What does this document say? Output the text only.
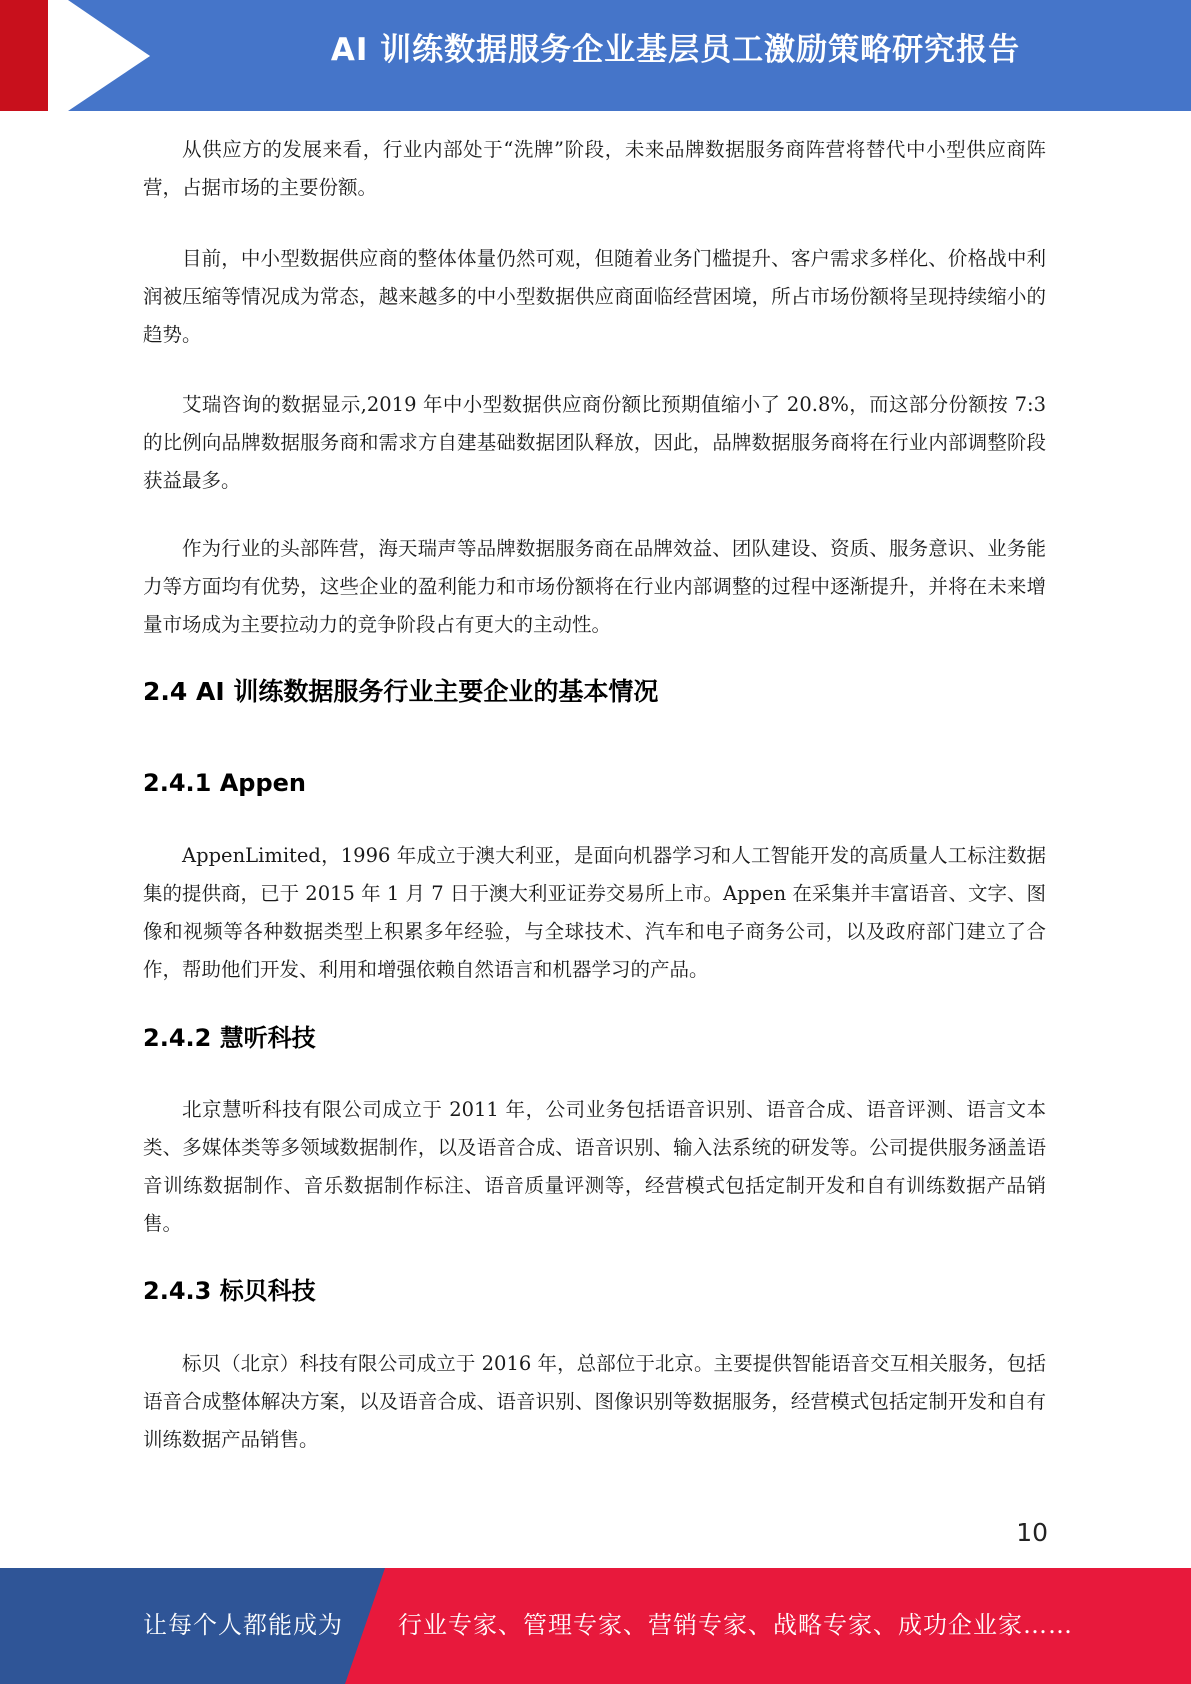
AI 训练数据服务企业基层员工激励策略研究报告

从供应方的发展来看，行业内部处于“洗牌”阶段，未来品牌数据服务商阵营将替代中小型供应商阵营，占据市场的主要份额。

目前，中小型数据供应商的整体体量仍然可观，但随着业务门槛提升、客户需求多样化、价格战中利润被压缩等情况成为常态，越来越多的中小型数据供应商面临经营困境，所占市场份额将呈现持续缩小的趋势。

艾瑞咨询的数据显示,2019 年中小型数据供应商份额比预期值缩小了 20.8%，而这部分份额按 7:3 的比例向品牌数据服务商和需求方自建基础数据团队释放，因此，品牌数据服务商将在行业内部调整阶段获益最多。

作为行业的头部阵营，海天瑞声等品牌数据服务商在品牌效益、团队建设、资质、服务意识、业务能力等方面均有优势，这些企业的盈利能力和市场份额将在行业内部调整的过程中逐渐提升，并将在未来增量市场成为主要拉动力的竞争阶段占有更大的主动性。

2.4 AI 训练数据服务行业主要企业的基本情况
2.4.1 Appen

AppenLimited，1996 年成立于澳大利亚，是面向机器学习和人工智能开发的高质量人工标注数据集的提供商，已于 2015 年 1 月 7 日于澳大利亚证券交易所上市。Appen 在采集并丰富语音、文字、图像和视频等各种数据类型上积累多年经验，与全球技术、汽车和电子商务公司，以及政府部门建立了合作，帮助他们开发、利用和增强依赖自然语言和机器学习的产品。

2.4.2 慧听科技

北京慧听科技有限公司成立于 2011 年，公司业务包括语音识别、语音合成、语音评测、语言文本类、多媒体类等多领域数据制作，以及语音合成、语音识别、输入法系统的研发等。公司提供服务涵盖语音训练数据制作、音乐数据制作标注、语音质量评测等，经营模式包括定制开发和自有训练数据产品销售。

2.4.3 标贝科技

标贝（北京）科技有限公司成立于 2016 年，总部位于北京。主要提供智能语音交互相关服务，包括语音合成整体解决方案，以及语音合成、语音识别、图像识别等数据服务，经营模式包括定制开发和自有训练数据产品销售。

10
让每个人都能成为 行业专家、管理专家、营销专家、战略专家、成功企业家……
